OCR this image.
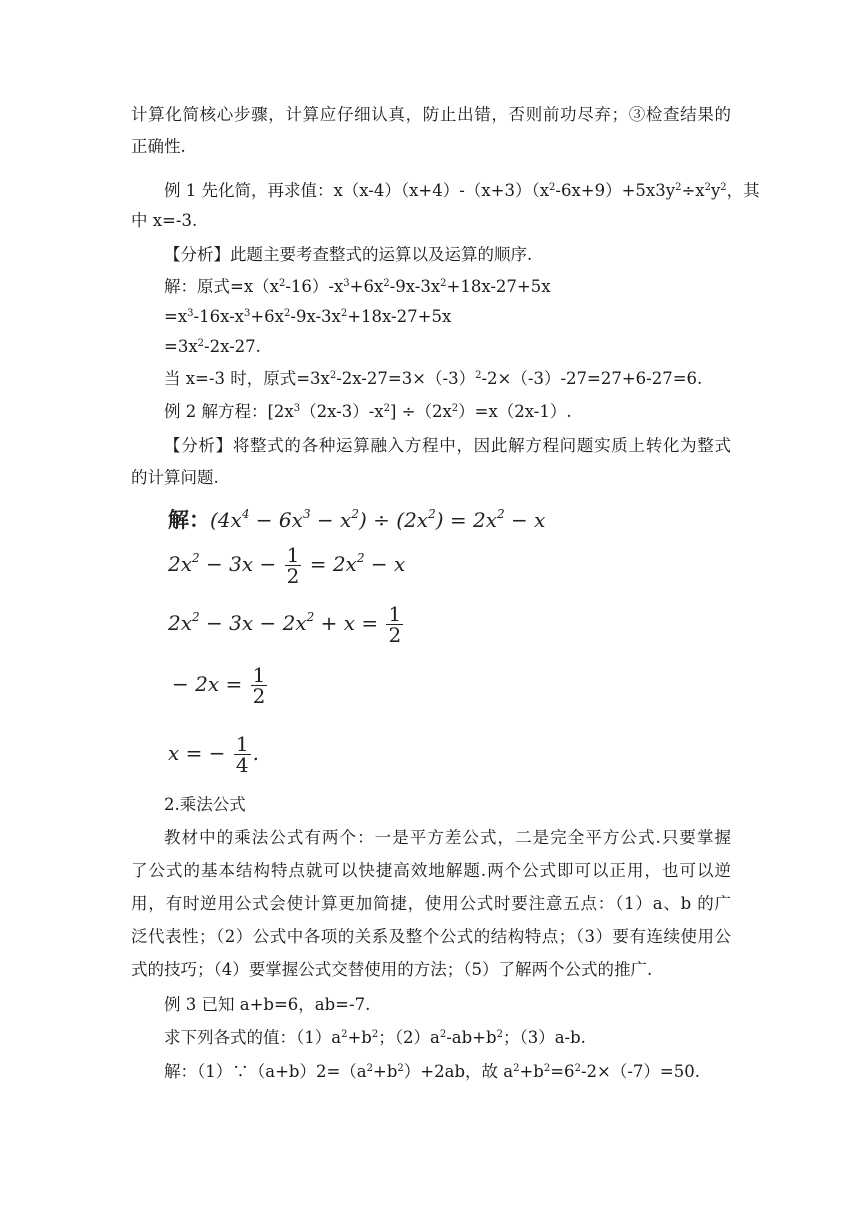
计算化简核心步骤，计算应仔细认真，防止出错，否则前功尽弃；③检查结果的
正确性.
例 1 先化简，再求值：$x(x-4)(x+4)-(x+3)(x^2-6x+9)+5x3y^2\div x^2y^2$，其
中 x=-3.
【分析】此题主要考查整式的运算以及运算的顺序.
解：原式$=x(x^2-16)-x^3+6x^2-9x-3x^2+18x-27+5x$
$=x^3-16x-x^3+6x^2-9x-3x^2+18x-27+5x$
$=3x^2-2x-27$.
当 x=-3 时，原式$=3x^2-2x-27=3\times(-3)^2-2\times(-3)-27=27+6-27=6$.
例 2 解方程：$[2x^3(2x-3)-x^2] \div(2x^2)=x(2x-1)$.
【分析】将整式的各种运算融入方程中，因此解方程问题实质上转化为整式
的计算问题.
解：$(4x^4 - 6x^3 - x^2) \div (2x^2) = 2x^2 - x$
$2x^2 - 3x - \frac{1}{2} = 2x^2 - x$
$2x^2 - 3x - 2x^2 + x = \frac{1}{2}$
− $2x = \frac{1}{2}$
x = − $\frac{1}{4}$ .
2.乘法公式
教材中的乘法公式有两个：一是平方差公式，二是完全平方公式.只要掌握
了公式的基本结构特点就可以快捷高效地解题.两个公式即可以正用，也可以逆
用，有时逆用公式会使计算更加简捷，使用公式时要注意五点：（1）a、b 的广
泛代表性；（2）公式中各项的关系及整个公式的结构特点；（3）要有连续使用公
式的技巧；（4）要掌握公式交替使用的方法；（5）了解两个公式的推广.
例 3 已知 a+b=6，ab=-7.
求下列各式的值：$(1)a^2+b^2$；$(2)a^2-ab+b^2$；（3）a-b.
解：$(1)\because(a+b)2=(a^2+b^2)+2ab$，故 $a^2+b^2=6^2-2\times(-7)=50$.
